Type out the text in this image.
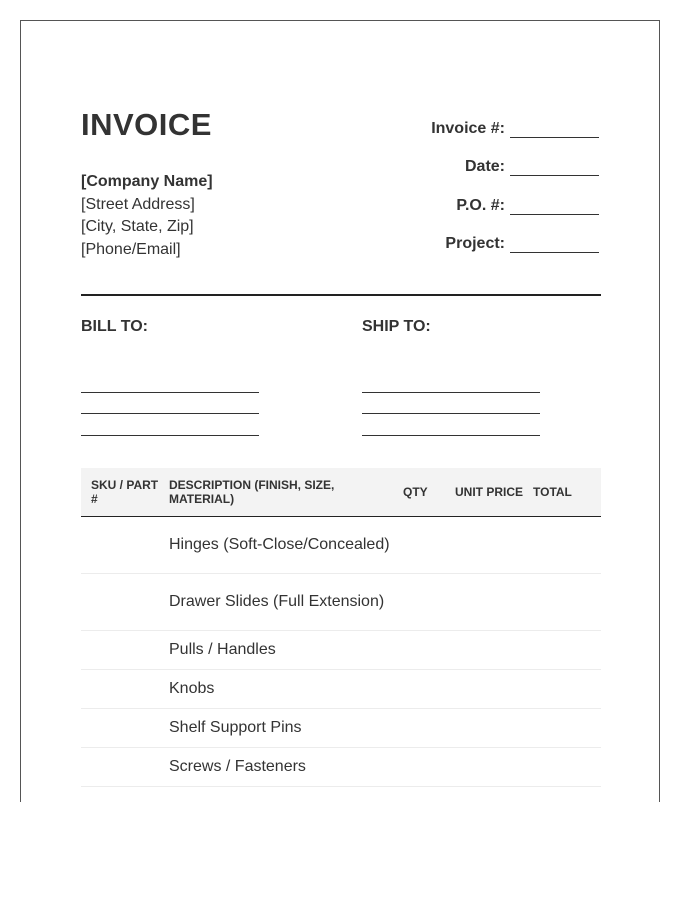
INVOICE
[Company Name]
[Street Address]
[City, State, Zip]
[Phone/Email]
Invoice #:
Date:
P.O. #:
Project:
BILL TO:	SHIP TO:
SKU / PART #	DESCRIPTION (FINISH, SIZE, MATERIAL)	QTY	UNIT PRICE	TOTAL
	Hinges (Soft-Close/Concealed)			
	Drawer Slides (Full Extension)			
	Pulls / Handles			
	Knobs			
	Shelf Support Pins			
	Screws / Fasteners			
